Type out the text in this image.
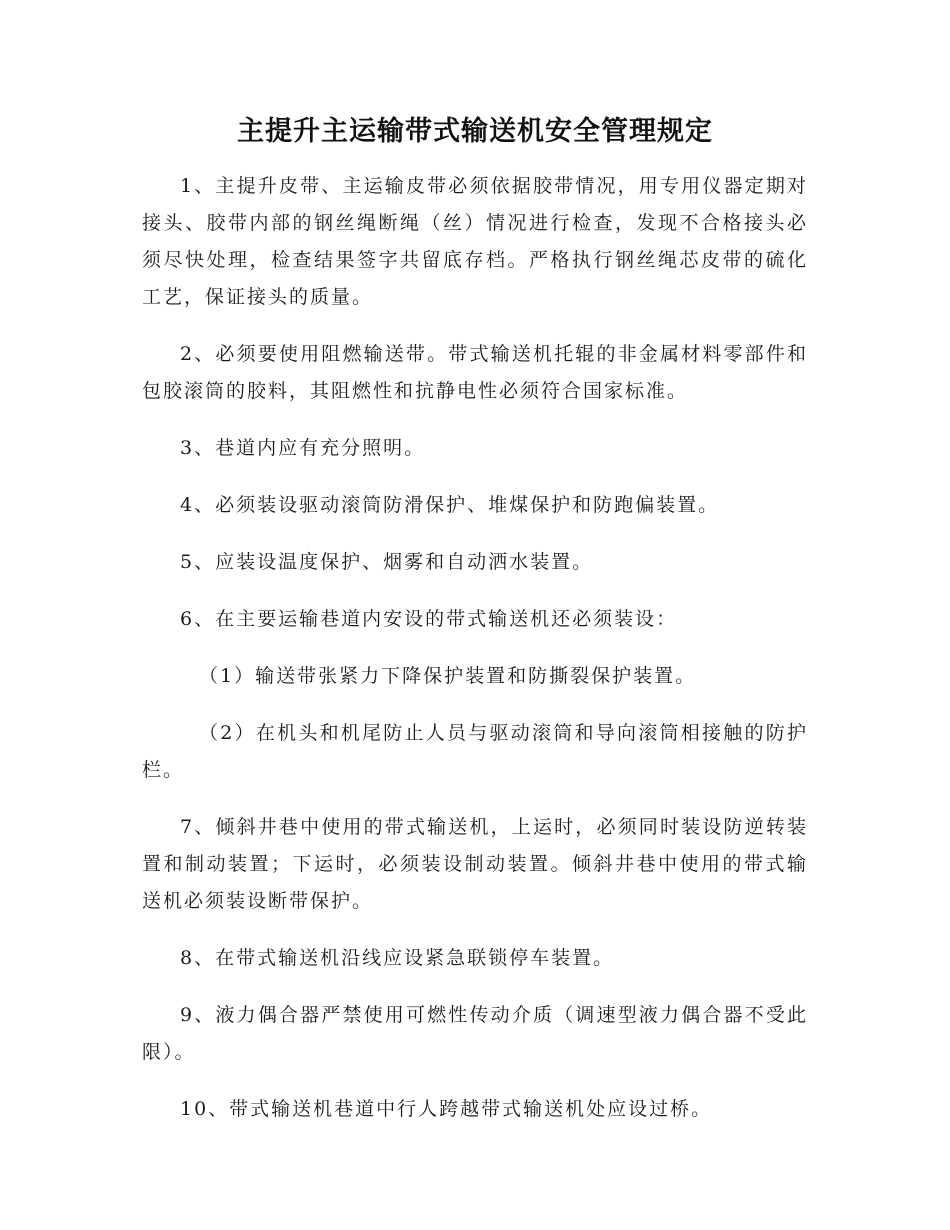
主提升主运输带式输送机安全管理规定

1、主提升皮带、主运输皮带必须依据胶带情况，用专用仪器定期对接头、胶带内部的钢丝绳断绳（丝）情况进行检查，发现不合格接头必须尽快处理，检查结果签字共留底存档。严格执行钢丝绳芯皮带的硫化工艺，保证接头的质量。

2、必须要使用阻燃输送带。带式输送机托辊的非金属材料零部件和包胶滚筒的胶料，其阻燃性和抗静电性必须符合国家标准。

3、巷道内应有充分照明。

4、必须装设驱动滚筒防滑保护、堆煤保护和防跑偏装置。

5、应装设温度保护、烟雾和自动洒水装置。

6、在主要运输巷道内安设的带式输送机还必须装设：

（1）输送带张紧力下降保护装置和防撕裂保护装置。

（2）在机头和机尾防止人员与驱动滚筒和导向滚筒相接触的防护栏。

7、倾斜井巷中使用的带式输送机，上运时，必须同时装设防逆转装置和制动装置；下运时，必须装设制动装置。倾斜井巷中使用的带式输送机必须装设断带保护。

8、在带式输送机沿线应设紧急联锁停车装置。

9、液力偶合器严禁使用可燃性传动介质（调速型液力偶合器不受此限）。

10、带式输送机巷道中行人跨越带式输送机处应设过桥。
